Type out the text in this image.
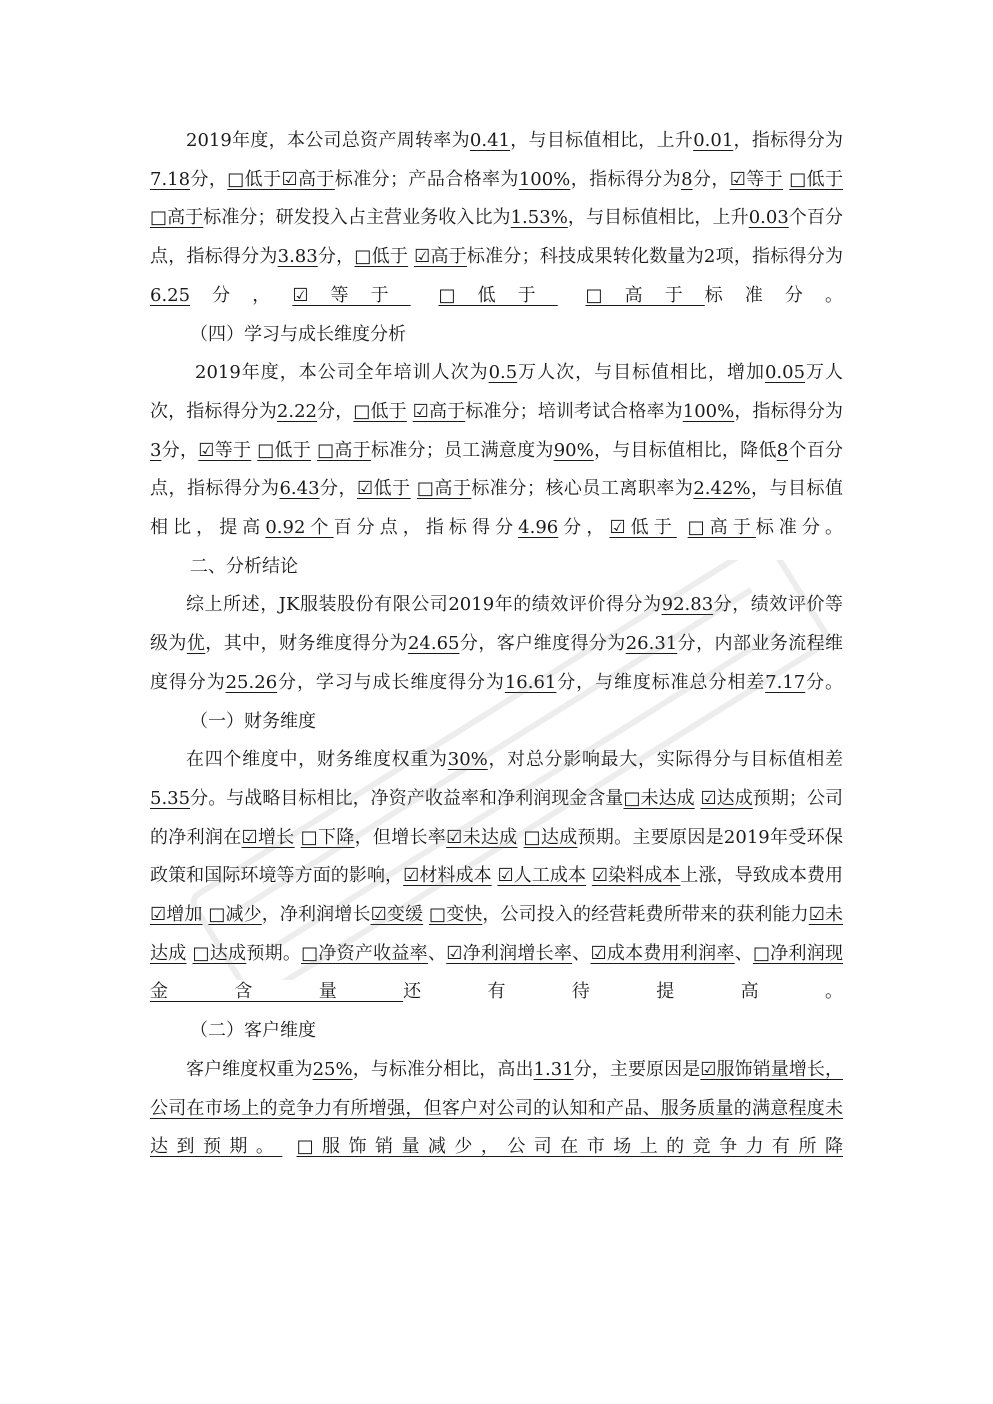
2019年度，本公司总资产周转率为0.41，与目标值相比，上升0.01，指标得分为7.18分，□低于☑高于标准分；产品合格率为100%，指标得分为8分，☑等于 □低于 □高于标准分；研发投入占主营业务收入比为1.53%，与目标值相比，上升0.03个百分点，指标得分为3.83分，□低于 ☑高于标准分；科技成果转化数量为2项，指标得分为6.25分，☑等于 □低于 □高于标准分。

（四）学习与成长维度分析

2019年度，本公司全年培训人次为0.5万人次，与目标值相比，增加0.05万人次，指标得分为2.22分，□低于 ☑高于标准分；培训考试合格率为100%，指标得分为3分，☑等于 □低于 □高于标准分；员工满意度为90%，与目标值相比，降低8个百分点，指标得分为6.43分，☑低于 □高于标准分；核心员工离职率为2.42%，与目标值相比，提高0.92个百分点，指标得分4.96分，☑低于 □高于标准分。

二、分析结论

综上所述，JK服装股份有限公司2019年的绩效评价得分为92.83分，绩效评价等级为优，其中，财务维度得分为24.65分，客户维度得分为26.31分，内部业务流程维度得分为25.26分，学习与成长维度得分为16.61分，与维度标准总分相差7.17分。

（一）财务维度

在四个维度中，财务维度权重为30%，对总分影响最大，实际得分与目标值相差5.35分。与战略目标相比，净资产收益率和净利润现金含量□未达成 ☑达成预期；公司的净利润在☑增长 □下降，但增长率☑未达成 □达成预期。主要原因是2019年受环保政策和国际环境等方面的影响，☑材料成本 ☑人工成本 ☑染料成本上涨，导致成本费用☑增加 □减少，净利润增长☑变缓 □变快，公司投入的经营耗费所带来的获利能力☑未达成 □达成预期。□净资产收益率、☑净利润增长率、☑成本费用利润率、□净利润现金含量还有待提高。

（二）客户维度

客户维度权重为25%，与标准分相比，高出1.31分，主要原因是☑服饰销量增长，公司在市场上的竞争力有所增强，但客户对公司的认知和产品、服务质量的满意程度未达到预期。 □服饰销量减少，公司在市场上的竞争力有所降
